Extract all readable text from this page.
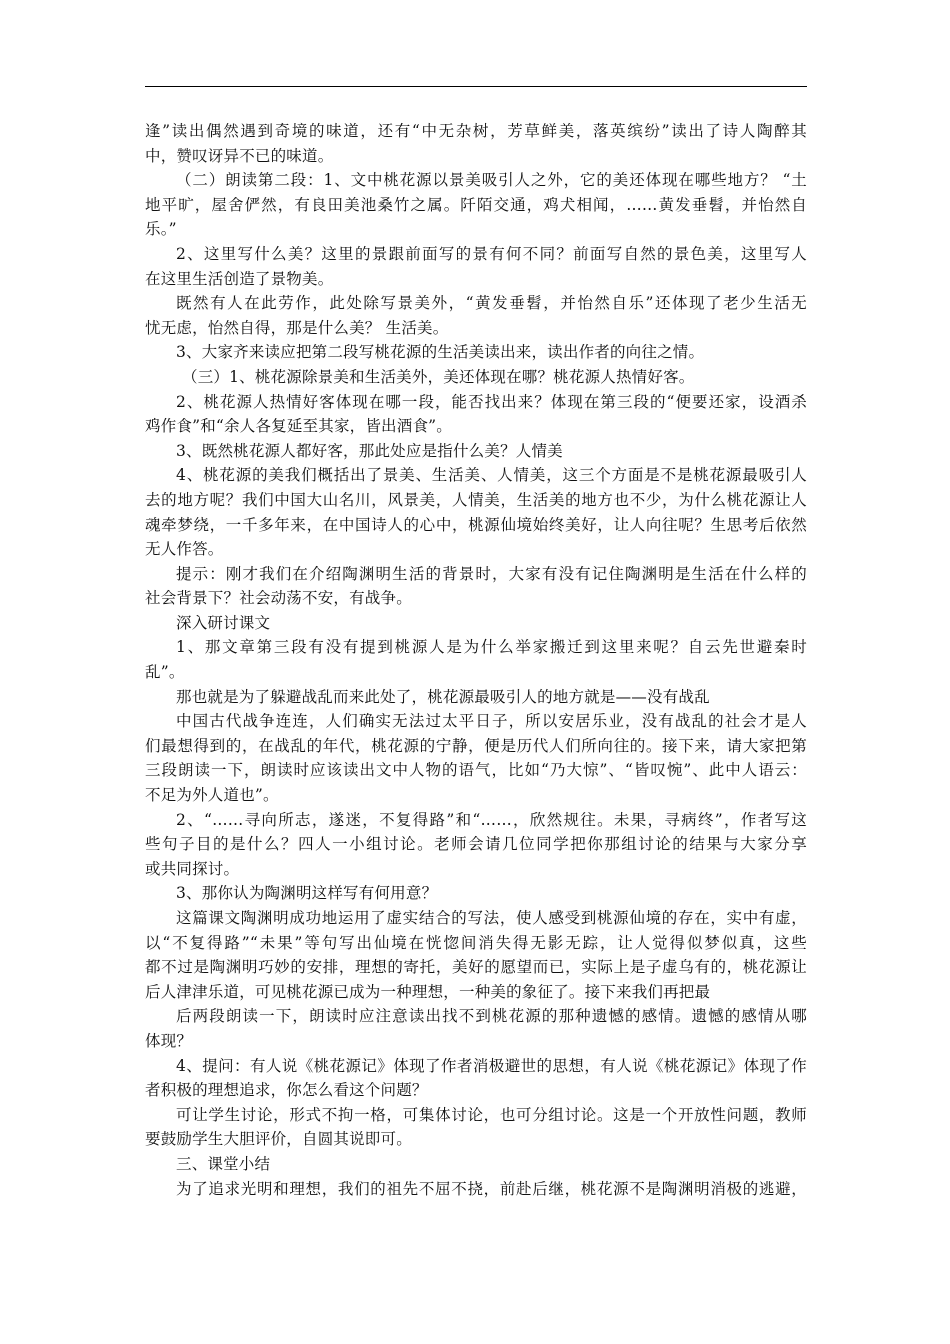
逢”读出偶然遇到奇境的味道，还有“中无杂树，芳草鲜美，落英缤纷”读出了诗人陶醉其
中，赞叹讶异不已的味道。
（二）朗读第二段：1、文中桃花源以景美吸引人之外，它的美还体现在哪些地方？ “土
地平旷，屋舍俨然，有良田美池桑竹之属。阡陌交通，鸡犬相闻，……黄发垂髫，并怡然自
乐。”
2、这里写什么美？这里的景跟前面写的景有何不同？前面写自然的景色美，这里写人
在这里生活创造了景物美。
既然有人在此劳作，此处除写景美外，“黄发垂髫，并怡然自乐”还体现了老少生活无
忧无虑，怡然自得，那是什么美？ 生活美。
3、大家齐来读应把第二段写桃花源的生活美读出来，读出作者的向往之情。
（三）1、桃花源除景美和生活美外，美还体现在哪？桃花源人热情好客。
2、桃花源人热情好客体现在哪一段，能否找出来？体现在第三段的“便要还家，设酒杀
鸡作食”和“余人各复延至其家，皆出酒食”。
3、既然桃花源人都好客，那此处应是指什么美？人情美
4、桃花源的美我们概括出了景美、生活美、人情美，这三个方面是不是桃花源最吸引人
去的地方呢？我们中国大山名川，风景美，人情美，生活美的地方也不少，为什么桃花源让人
魂牵梦绕，一千多年来，在中国诗人的心中，桃源仙境始终美好，让人向往呢？生思考后依然
无人作答。
提示：刚才我们在介绍陶渊明生活的背景时，大家有没有记住陶渊明是生活在什么样的
社会背景下？社会动荡不安，有战争。
深入研讨课文
1、那文章第三段有没有提到桃源人是为什么举家搬迁到这里来呢？自云先世避秦时
乱”。
那也就是为了躲避战乱而来此处了，桃花源最吸引人的地方就是——没有战乱
中国古代战争连连，人们确实无法过太平日子，所以安居乐业，没有战乱的社会才是人
们最想得到的，在战乱的年代，桃花源的宁静，便是历代人们所向往的。接下来，请大家把第
三段朗读一下，朗读时应该读出文中人物的语气，比如“乃大惊”、“皆叹惋”、此中人语云：
不足为外人道也”。
2、“……寻向所志，遂迷，不复得路”和“……，欣然规往。未果，寻病终”，作者写这
些句子目的是什么？四人一小组讨论。老师会请几位同学把你那组讨论的结果与大家分享
或共同探讨。
3、那你认为陶渊明这样写有何用意？
这篇课文陶渊明成功地运用了虚实结合的写法，使人感受到桃源仙境的存在，实中有虚，
以“不复得路”“未果”等句写出仙境在恍惚间消失得无影无踪，让人觉得似梦似真，这些
都不过是陶渊明巧妙的安排，理想的寄托，美好的愿望而已，实际上是子虚乌有的，桃花源让
后人津津乐道，可见桃花源已成为一种理想，一种美的象征了。接下来我们再把最
后两段朗读一下，朗读时应注意读出找不到桃花源的那种遗憾的感情。遗憾的感情从哪
体现？
4、提问：有人说《桃花源记》体现了作者消极避世的思想，有人说《桃花源记》体现了作
者积极的理想追求，你怎么看这个问题？
可让学生讨论，形式不拘一格，可集体讨论，也可分组讨论。这是一个开放性问题，教师
要鼓励学生大胆评价，自圆其说即可。
三、课堂小结
为了追求光明和理想，我们的祖先不屈不挠，前赴后继，桃花源不是陶渊明消极的逃避，
